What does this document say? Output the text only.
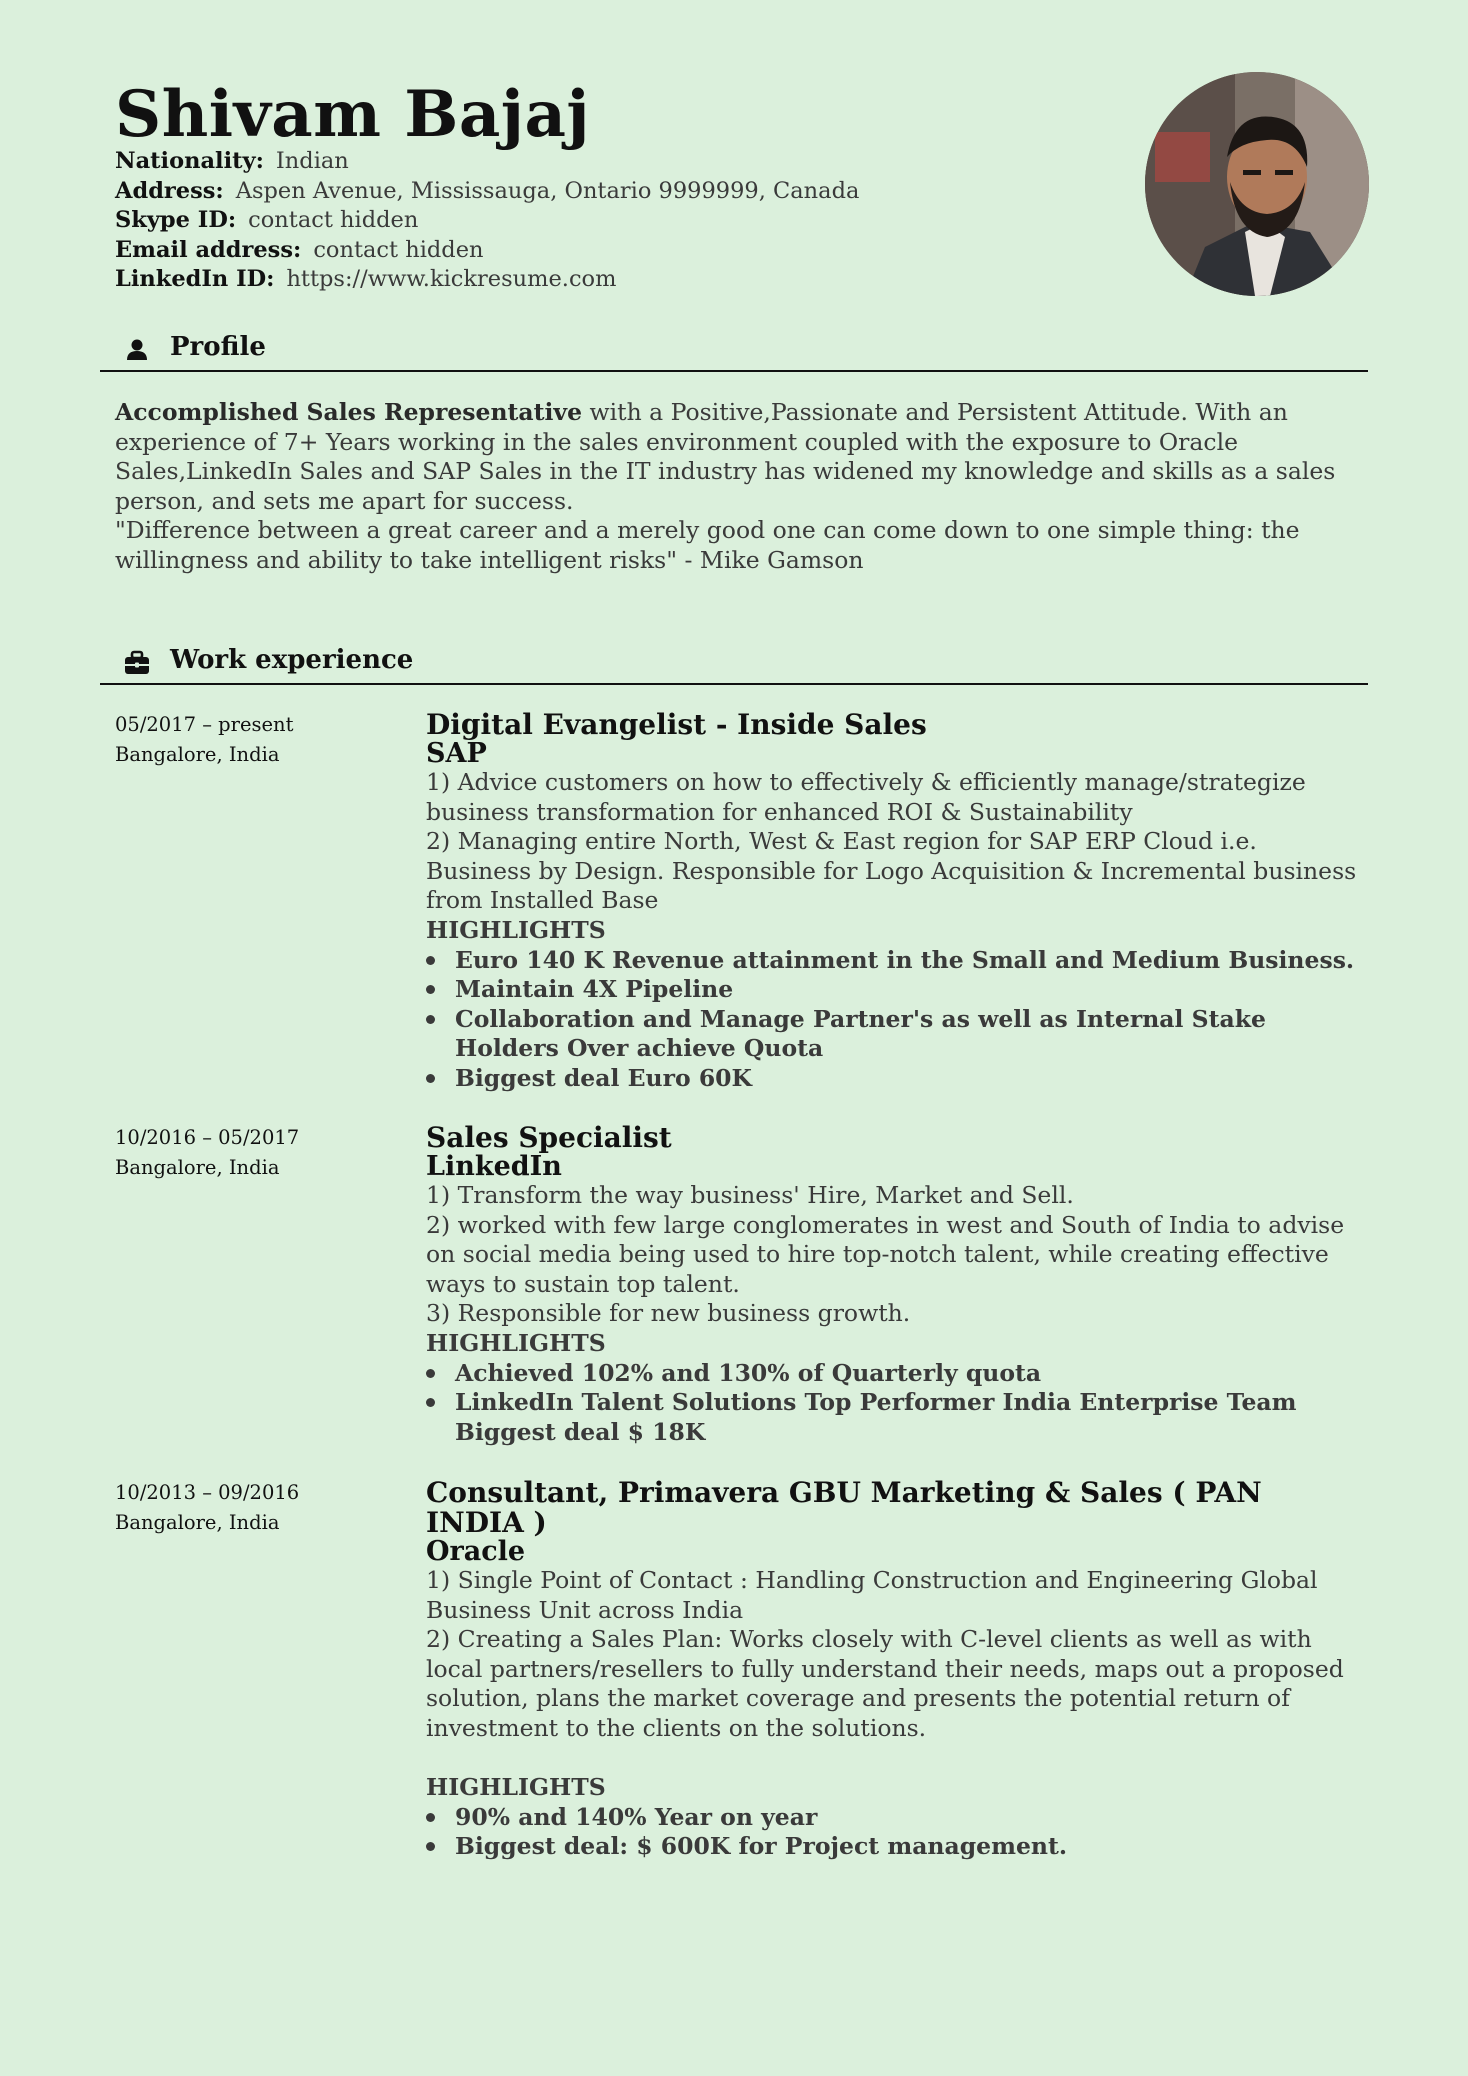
Shivam Bajaj
Nationality: Indian
Address: Aspen Avenue, Mississauga, Ontario 9999999, Canada
Skype ID: contact hidden
Email address: contact hidden
LinkedIn ID: https://www.kickresume.com
Profile
Accomplished Sales Representative with a Positive,Passionate and Persistent Attitude. With an experience of 7+ Years working in the sales environment coupled with the exposure to Oracle Sales,LinkedIn Sales and SAP Sales in the IT industry has widened my knowledge and skills as a sales person, and sets me apart for success.
"Difference between a great career and a merely good one can come down to one simple thing: the willingness and ability to take intelligent risks" - Mike Gamson
Work experience
05/2017 – present
Bangalore, India
Digital Evangelist - Inside Sales
SAP
1) Advice customers on how to effectively & efficiently manage/strategize business transformation for enhanced ROI & Sustainability
2) Managing entire North, West & East region for SAP ERP Cloud i.e. Business by Design. Responsible for Logo Acquisition & Incremental business from Installed Base
HIGHLIGHTS
Euro 140 K Revenue attainment in the Small and Medium Business.
Maintain 4X Pipeline
Collaboration and Manage Partner's as well as Internal Stake Holders Over achieve Quota
Biggest deal Euro 60K
10/2016 – 05/2017
Bangalore, India
Sales Specialist
LinkedIn
1) Transform the way business' Hire, Market and Sell.
2) worked with few large conglomerates in west and South of India to advise on social media being used to hire top-notch talent, while creating effective ways to sustain top talent.
3) Responsible for new business growth.
HIGHLIGHTS
Achieved 102% and 130% of Quarterly quota
LinkedIn Talent Solutions Top Performer India Enterprise Team Biggest deal $ 18K
10/2013 – 09/2016
Bangalore, India
Consultant, Primavera GBU Marketing & Sales ( PAN INDIA )
Oracle
1) Single Point of Contact : Handling Construction and Engineering Global Business Unit across India
2) Creating a Sales Plan: Works closely with C-level clients as well as with local partners/resellers to fully understand their needs, maps out a proposed solution, plans the market coverage and presents the potential return of investment to the clients on the solutions.
HIGHLIGHTS
90% and 140% Year on year
Biggest deal: $ 600K for Project management.
